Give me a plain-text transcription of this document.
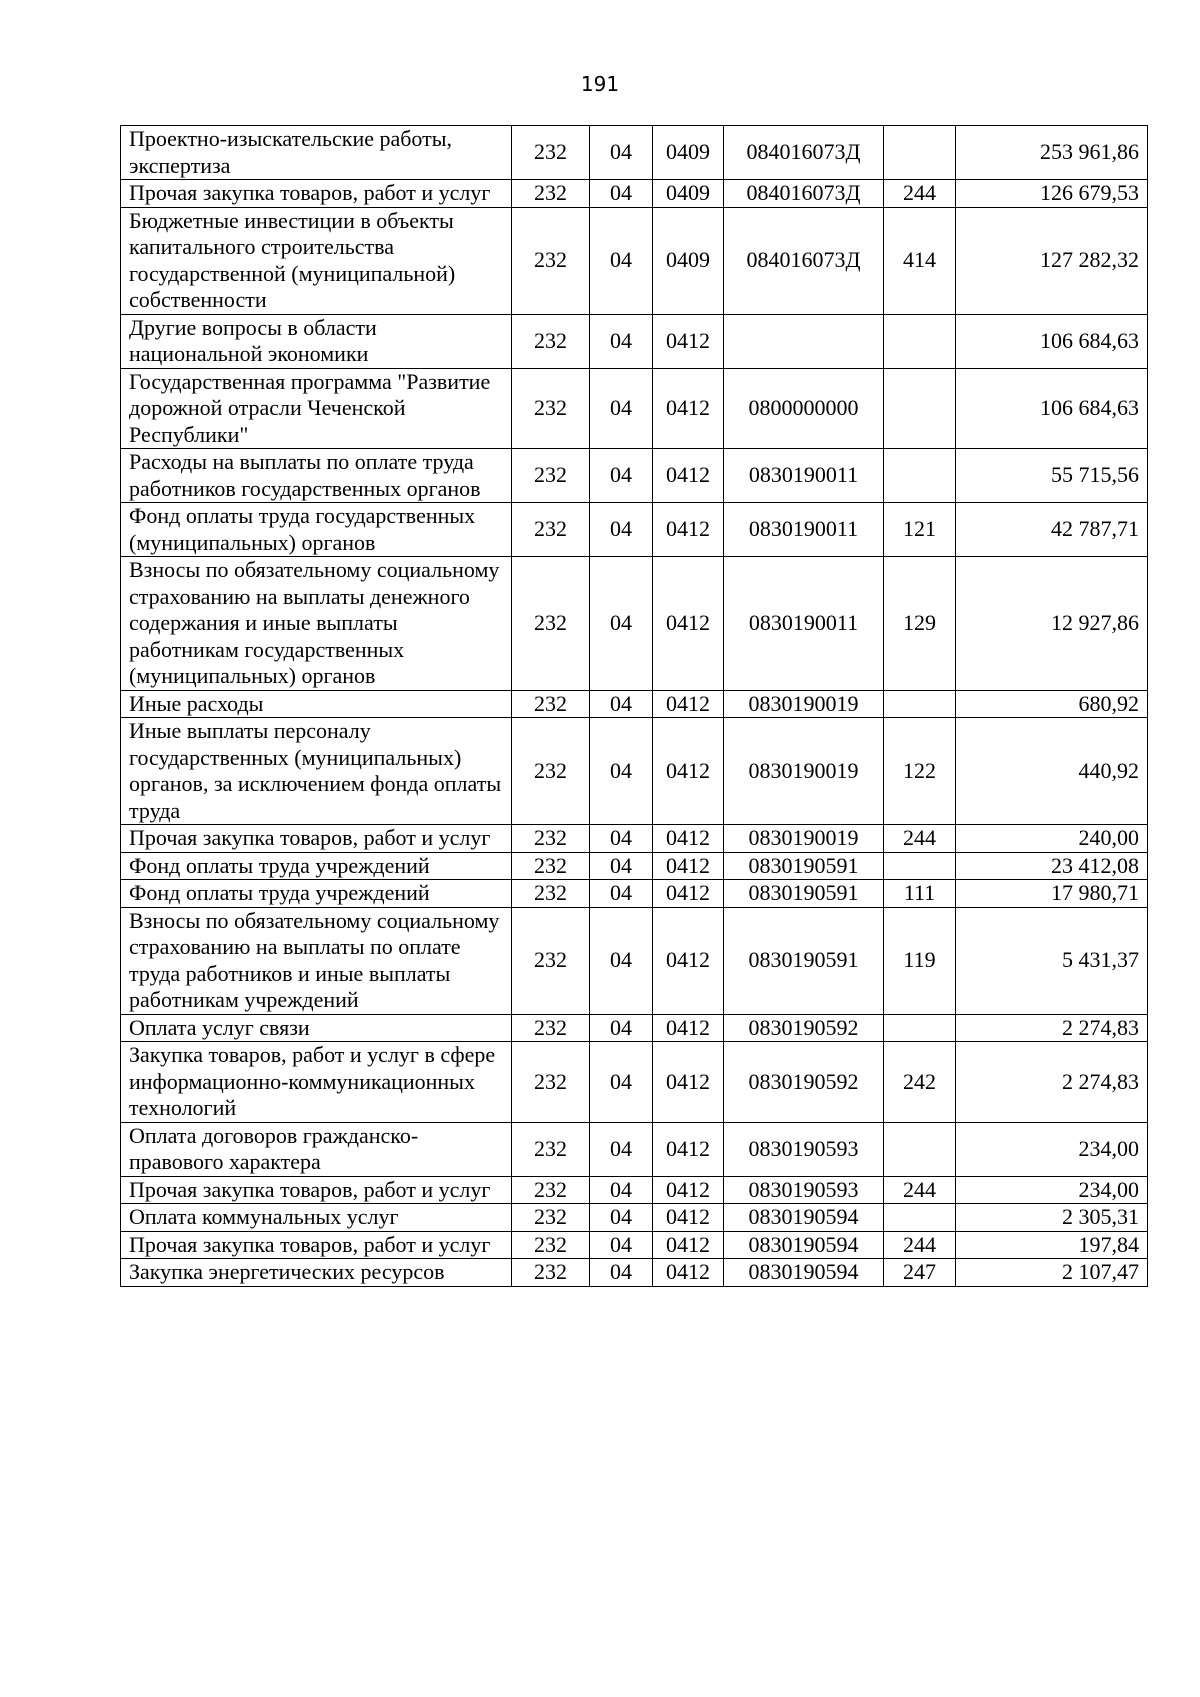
191
Проектно-изыскательские работы, экспертиза	232	04	0409	084016073Д		253 961,86
Прочая закупка товаров, работ и услуг	232	04	0409	084016073Д	244	126 679,53
Бюджетные инвестиции в объекты капитального строительства государственной (муниципальной) собственности	232	04	0409	084016073Д	414	127 282,32
Другие вопросы в области национальной экономики	232	04	0412			106 684,63
Государственная программа "Развитие дорожной отрасли Чеченской Республики"	232	04	0412	0800000000		106 684,63
Расходы на выплаты по оплате труда работников государственных органов	232	04	0412	0830190011		55 715,56
Фонд оплаты труда государственных (муниципальных) органов	232	04	0412	0830190011	121	42 787,71
Взносы по обязательному социальному страхованию на выплаты денежного содержания и иные выплаты работникам государственных (муниципальных) органов	232	04	0412	0830190011	129	12 927,86
Иные расходы	232	04	0412	0830190019		680,92
Иные выплаты персоналу государственных (муниципальных) органов, за исключением фонда оплаты труда	232	04	0412	0830190019	122	440,92
Прочая закупка товаров, работ и услуг	232	04	0412	0830190019	244	240,00
Фонд оплаты труда учреждений	232	04	0412	0830190591		23 412,08
Фонд оплаты труда учреждений	232	04	0412	0830190591	111	17 980,71
Взносы по обязательному социальному страхованию на выплаты по оплате труда работников и иные выплаты работникам учреждений	232	04	0412	0830190591	119	5 431,37
Оплата услуг связи	232	04	0412	0830190592		2 274,83
Закупка товаров, работ и услуг в сфере информационно-коммуникационных технологий	232	04	0412	0830190592	242	2 274,83
Оплата договоров гражданско-правового характера	232	04	0412	0830190593		234,00
Прочая закупка товаров, работ и услуг	232	04	0412	0830190593	244	234,00
Оплата коммунальных услуг	232	04	0412	0830190594		2 305,31
Прочая закупка товаров, работ и услуг	232	04	0412	0830190594	244	197,84
Закупка энергетических ресурсов	232	04	0412	0830190594	247	2 107,47
